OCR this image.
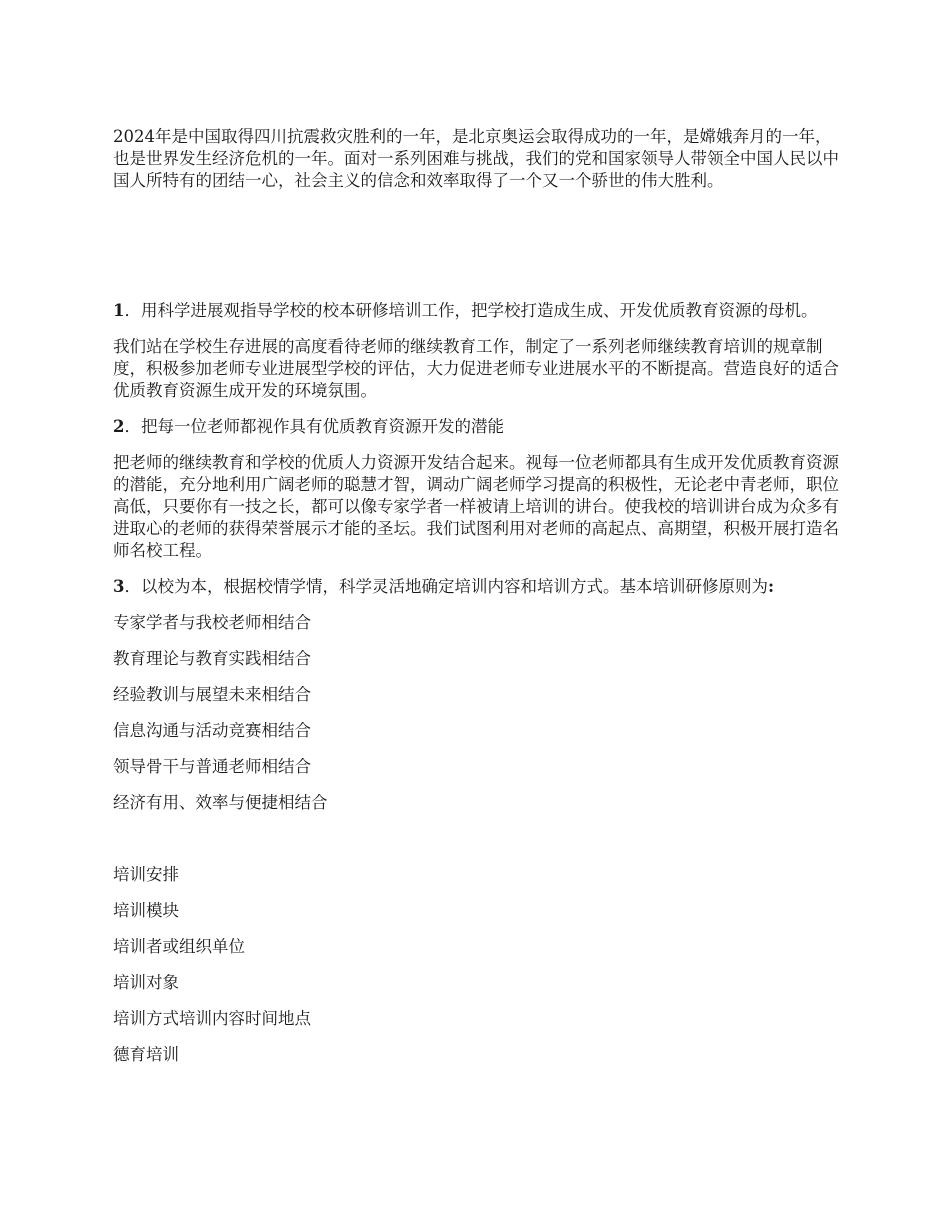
2024年是中国取得四川抗震救灾胜利的一年，是北京奥运会取得成功的一年，是嫦娥奔月的一年，也是世界发生经济危机的一年。面对一系列困难与挑战，我们的党和国家领导人带领全中国人民以中国人所特有的团结一心，社会主义的信念和效率取得了一个又一个骄世的伟大胜利。

1．用科学进展观指导学校的校本研修培训工作，把学校打造成生成、开发优质教育资源的母机。

我们站在学校生存进展的高度看待老师的继续教育工作，制定了一系列老师继续教育培训的规章制度，积极参加老师专业进展型学校的评估，大力促进老师专业进展水平的不断提高。营造良好的适合优质教育资源生成开发的环境氛围。

2．把每一位老师都视作具有优质教育资源开发的潜能

把老师的继续教育和学校的优质人力资源开发结合起来。视每一位老师都具有生成开发优质教育资源的潜能，充分地利用广阔老师的聪慧才智，调动广阔老师学习提高的积极性，无论老中青老师，职位高低，只要你有一技之长，都可以像专家学者一样被请上培训的讲台。使我校的培训讲台成为众多有进取心的老师的获得荣誉展示才能的圣坛。我们试图利用对老师的高起点、高期望，积极开展打造名师名校工程。

3．以校为本，根据校情学情，科学灵活地确定培训内容和培训方式。基本培训研修原则为:

专家学者与我校老师相结合

教育理论与教育实践相结合

经验教训与展望未来相结合

信息沟通与活动竞赛相结合

领导骨干与普通老师相结合

经济有用、效率与便捷相结合

培训安排

培训模块

培训者或组织单位

培训对象

培训方式培训内容时间地点

德育培训
